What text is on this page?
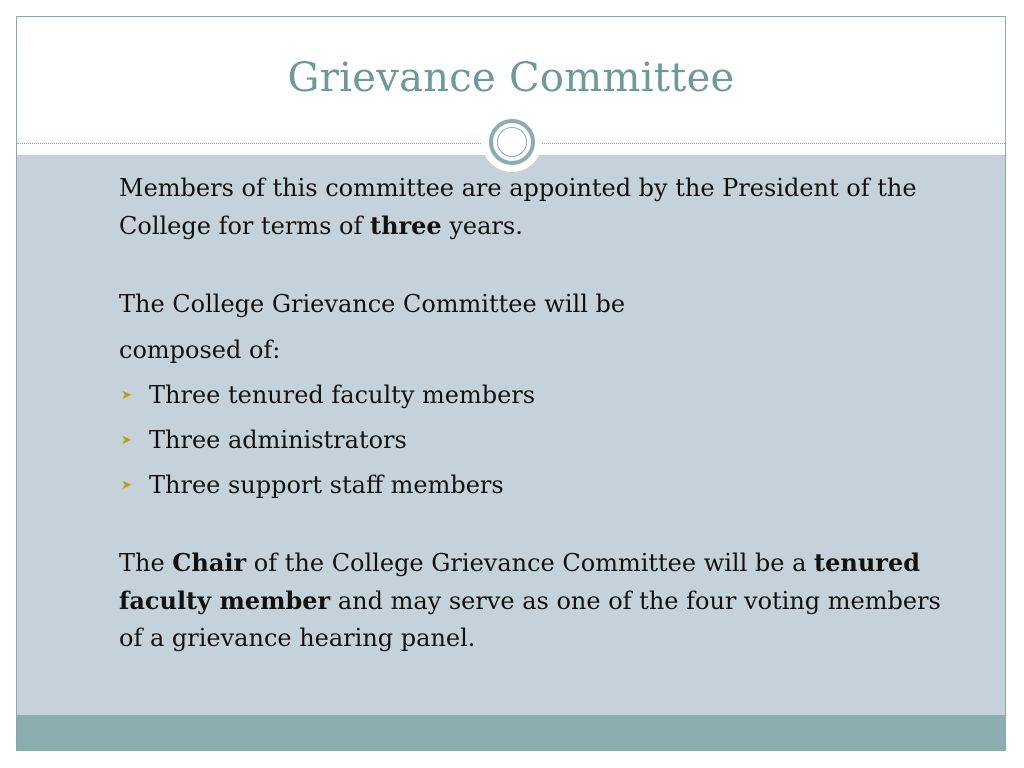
Grievance Committee

Members of this committee are appointed by the President of the College for terms of three years.

The College Grievance Committee will be
composed of:

➤ Three tenured faculty members
➤ Three administrators
➤ Three support staff members

The Chair of the College Grievance Committee will be a tenured faculty member and may serve as one of the four voting members of a grievance hearing panel.
